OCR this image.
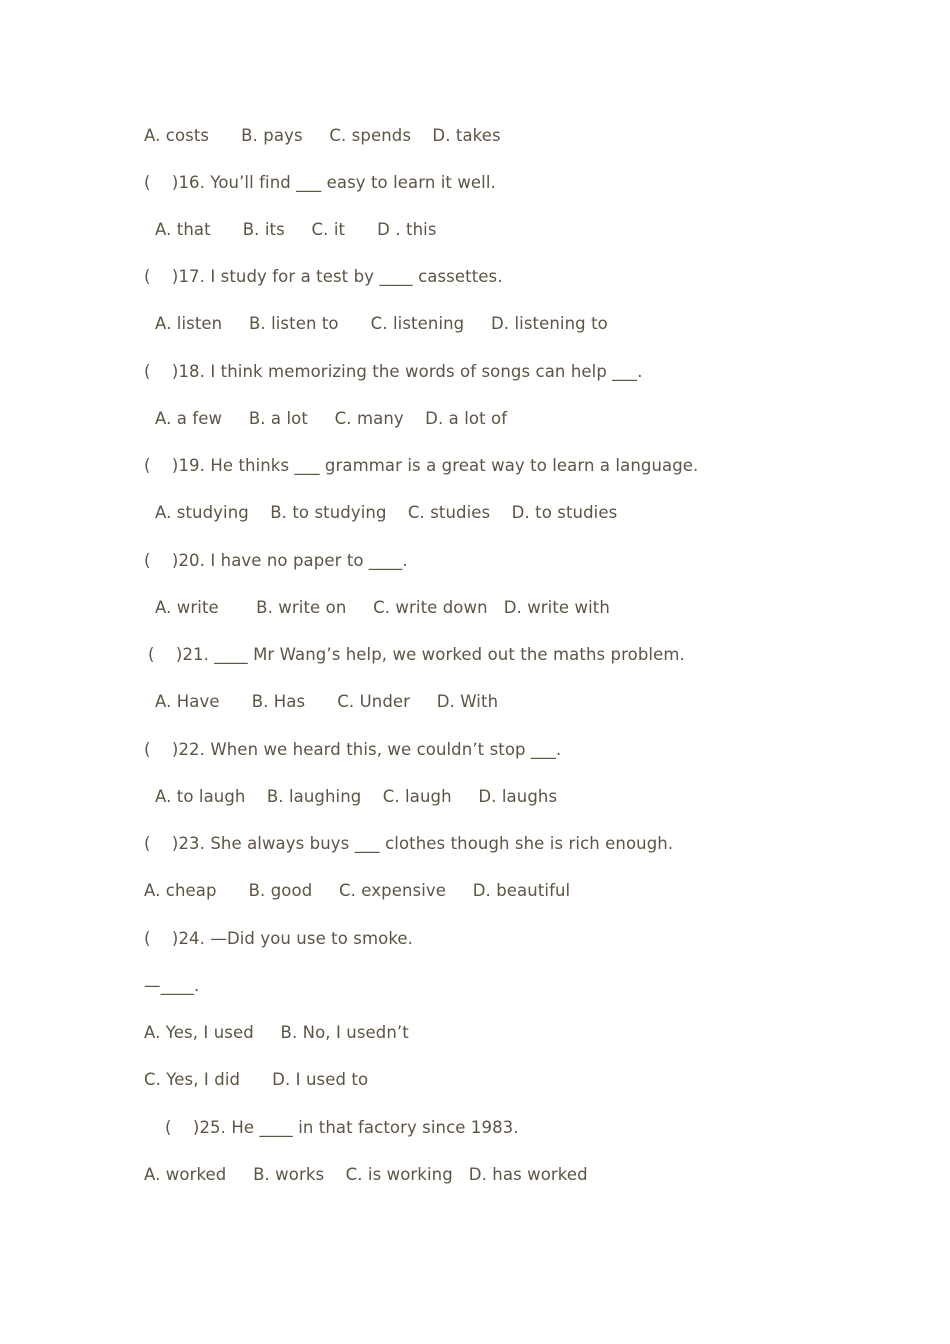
A. costs      B. pays     C. spends    D. takes
(    )16. You’ll find ___ easy to learn it well.
A. that      B. its     C. it      D . this
(    )17. I study for a test by ____ cassettes.
A. listen     B. listen to      C. listening     D. listening to
(    )18. I think memorizing the words of songs can help ___.
A. a few     B. a lot     C. many    D. a lot of
(    )19. He thinks ___ grammar is a great way to learn a language.
A. studying    B. to studying    C. studies    D. to studies
(    )20. I have no paper to ____.
A. write       B. write on     C. write down   D. write with
(    )21. ____ Mr Wang’s help, we worked out the maths problem.
A. Have      B. Has      C. Under     D. With
(    )22. When we heard this, we couldn’t stop ___.
A. to laugh    B. laughing    C. laugh     D. laughs
(    )23. She always buys ___ clothes though she is rich enough.
A. cheap      B. good     C. expensive     D. beautiful
(    )24. —Did you use to smoke.
—____.
A. Yes, I used     B. No, I usedn’t
C. Yes, I did      D. I used to
(    )25. He ____ in that factory since 1983.
A. worked     B. works    C. is working   D. has worked
